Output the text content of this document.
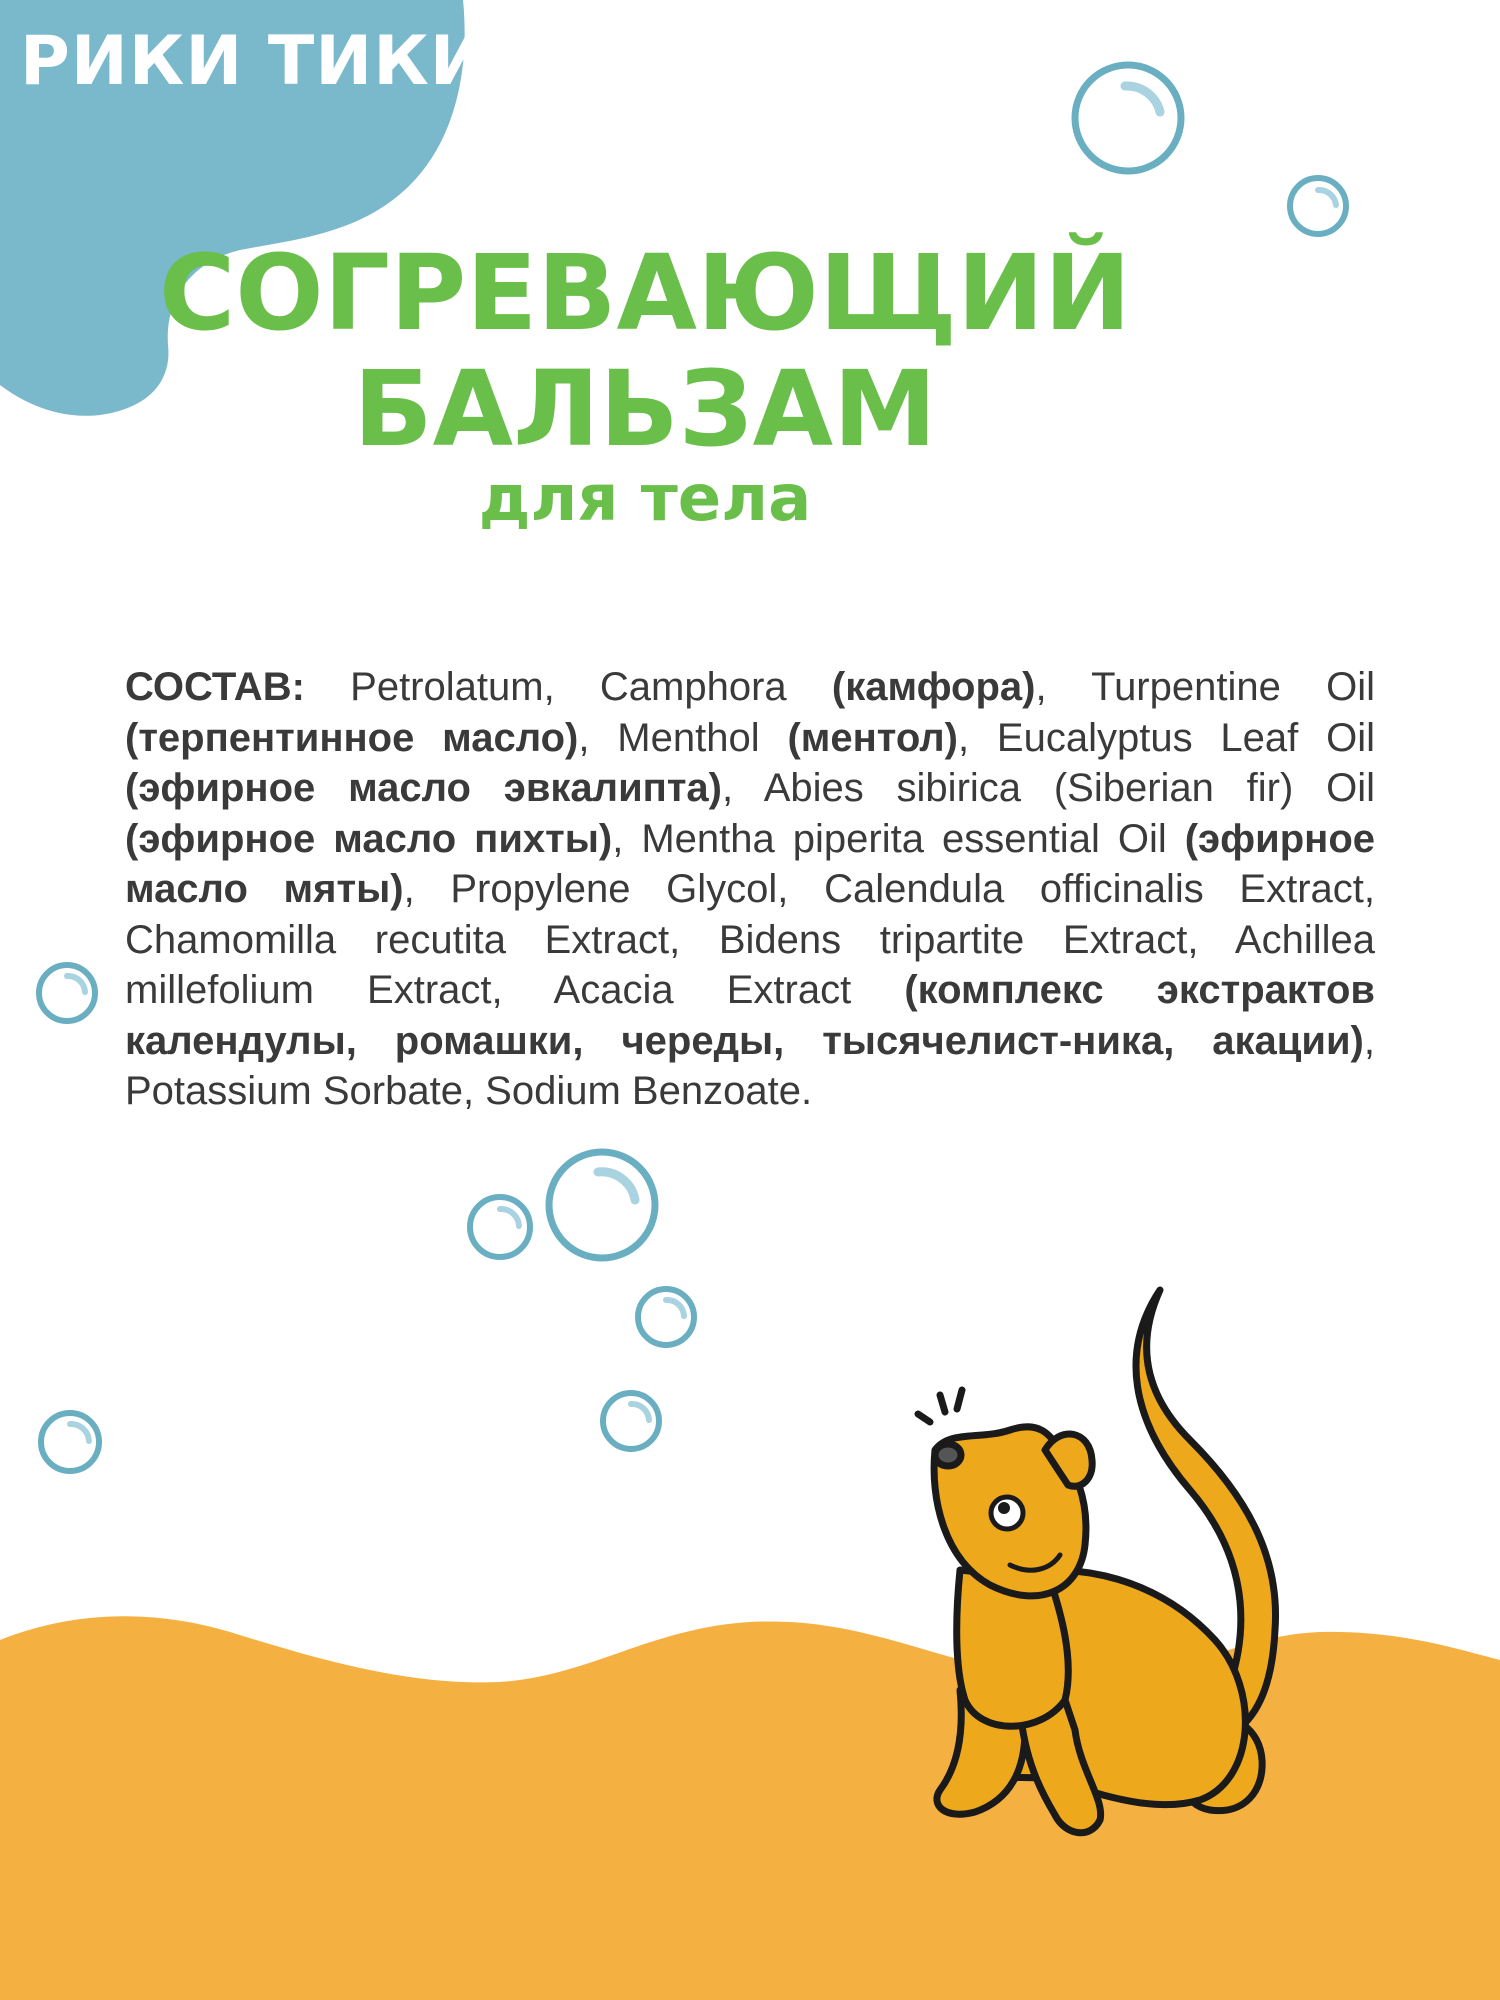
РИКИ ТИКИ
СОГРЕВАЮЩИЙ
БАЛЬЗАМ
для тела
СОСТАВ: Petrolatum, Camphora (камфора), Turpentine Oil (терпентинное масло), Menthol (ментол), Eucalyptus Leaf Oil (эфирное масло эвкалипта), Abies sibirica (Siberian fir) Oil (эфирное масло пихты), Mentha piperita essential Oil (эфирное масло мяты), Propylene Glycol, Calendula officinalis Extract, Chamomilla recutita Extract, Bidens tripartite Extract, Achillea millefolium Extract, Acacia Extract (комплекс экстрактов календулы, ромашки, череды, тысячелист-ника, акации), Potassium Sorbate, Sodium Benzoate.
